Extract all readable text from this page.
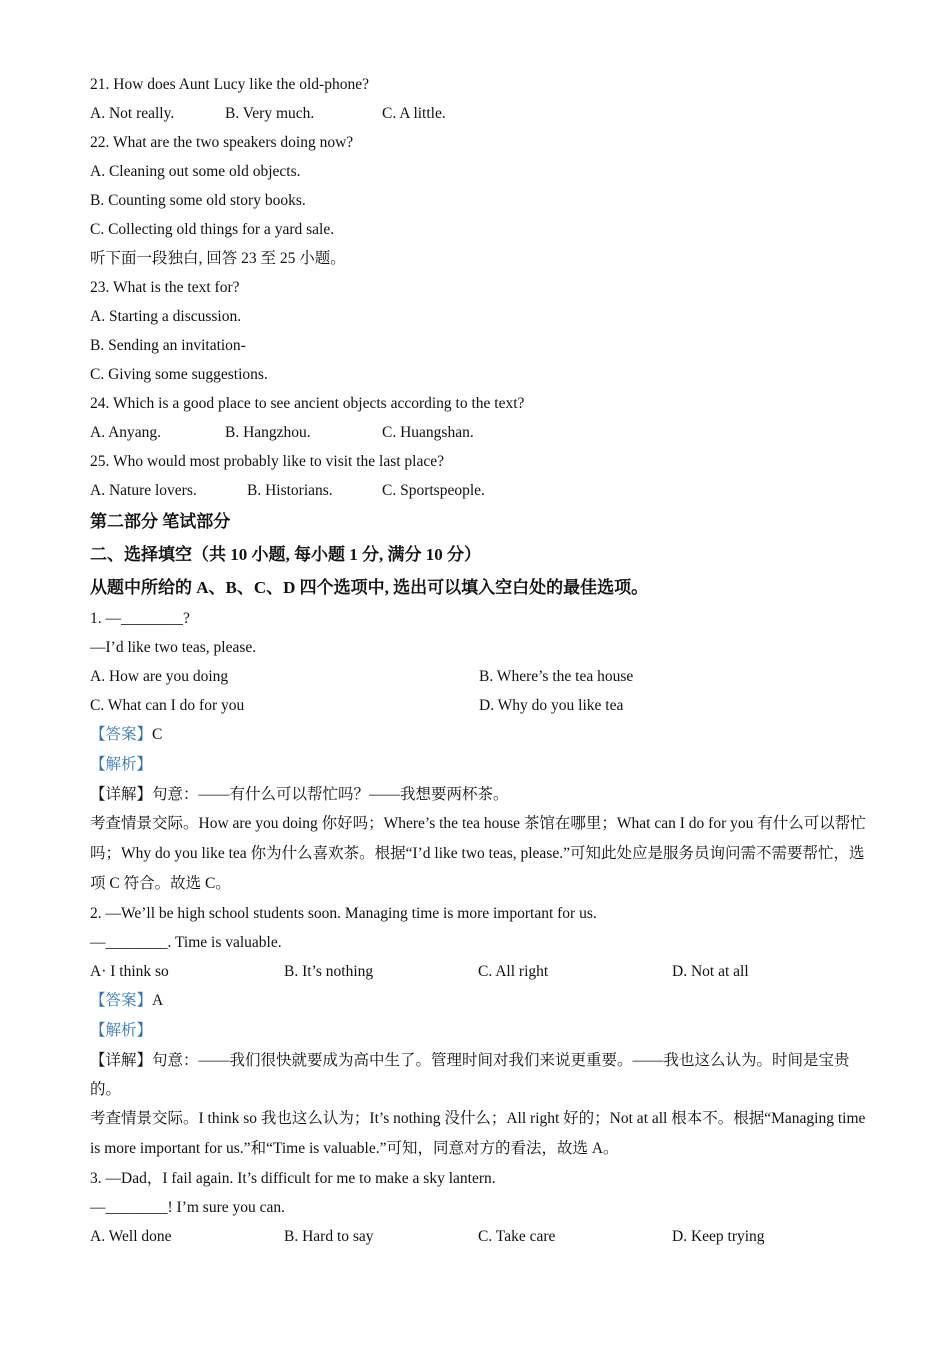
21. How does Aunt Lucy like the old-phone?
A. Not really.	B. Very much.	C. A little.
22. What are the two speakers doing now?
A. Cleaning out some old objects.
B. Counting some old story books.
C. Collecting old things for a yard sale.
听下面一段独白, 回答 23 至 25 小题。
23. What is the text for?
A. Starting a discussion.
B. Sending an invitation-
C. Giving some suggestions.
24. Which is a good place to see ancient objects according to the text?
A. Anyang.	B. Hangzhou.	C. Huangshan.
25. Who would most probably like to visit the last place?
A. Nature lovers.	B. Historians.	C. Sportspeople.
第二部分 笔试部分
二、选择填空（共 10 小题, 每小题 1 分, 满分 10 分）
从题中所给的 A、B、C、D 四个选项中, 选出可以填入空白处的最佳选项。
1. —________?
—I’d like two teas, please.
A. How are you doing	B. Where’s the tea house
C. What can I do for you	D. Why do you like tea
【答案】C
【解析】
【详解】句意：——有什么可以帮忙吗？——我想要两杯茶。
考查情景交际。How are you doing 你好吗；Where’s the tea house 茶馆在哪里；What can I do for you 有什么可以帮忙吗；Why do you like tea 你为什么喜欢茶。根据“I’d like two teas, please.”可知此处应是服务员询问需不需要帮忙，选项 C 符合。故选 C。
2. —We’ll be high school students soon. Managing time is more important for us.
—________. Time is valuable.
A· I think so	B. It’s nothing	C. All right	D. Not at all
【答案】A
【解析】
【详解】句意：——我们很快就要成为高中生了。管理时间对我们来说更重要。——我也这么认为。时间是宝贵的。
考查情景交际。I think so 我也这么认为；It’s nothing 没什么；All right 好的；Not at all 根本不。根据“Managing time is more important for us.”和“Time is valuable.”可知，同意对方的看法，故选 A。
3. —Dad，I fail again. It’s difficult for me to make a sky lantern.
—________! I’m sure you can.
A. Well done	B. Hard to say	C. Take care	D. Keep trying
